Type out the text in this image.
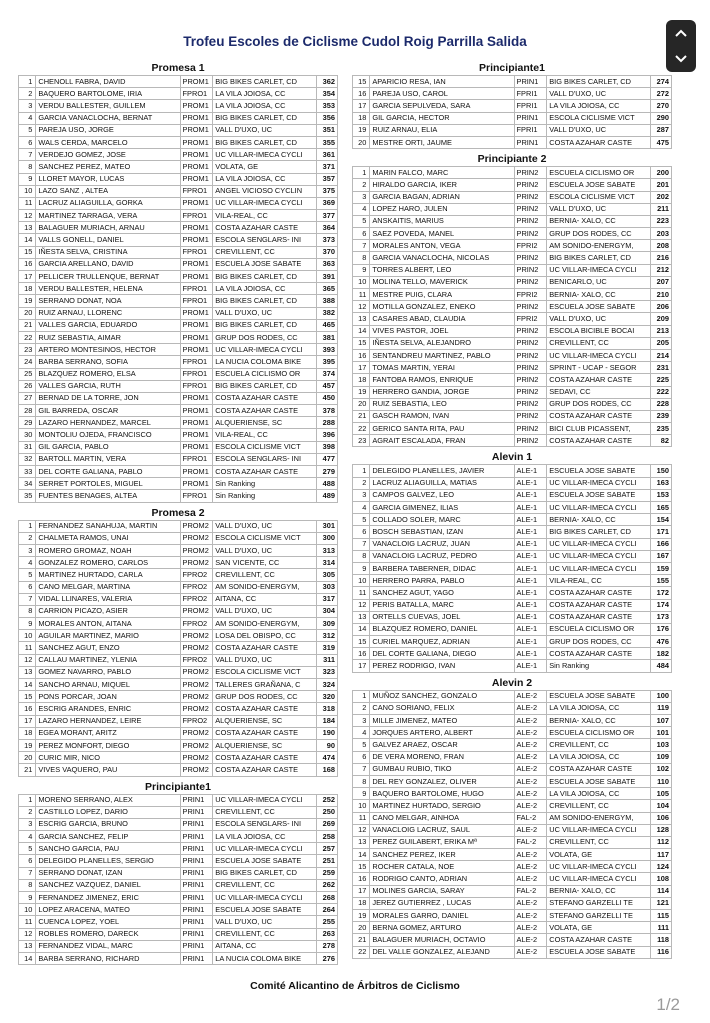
Trofeu Escoles de Ciclisme Cudol Roig Parrilla Salida
Promesa 1
1	CHENOLL FABRA, DAVID	PROM1	BIG BIKES CARLET, CD	362
2	BAQUERO BARTOLOME, IRIA	FPRO1	LA VILA JOIOSA, CC	354
3	VERDU BALLESTER, GUILLEM	PROM1	LA VILA JOIOSA, CC	353
4	GARCIA VANACLOCHA, BERNAT	PROM1	BIG BIKES CARLET, CD	356
5	PAREJA USO, JORGE	PROM1	VALL D'UXO, UC	351
6	WALS CERDA, MARCELO	PROM1	BIG BIKES CARLET, CD	355
7	VERDEJO GOMEZ, JOSE	PROM1	UC VILLAR-IMECA CYCLI	361
8	SANCHEZ PEREZ, MATEO	PROM1	VOLATA, GE	371
9	LLORET MAYOR, LUCAS	PROM1	LA VILA JOIOSA, CC	357
10	LAZO SANZ , ALTEA	FPRO1	ANGEL VICIOSO CYCLIN	375
11	LACRUZ ALIAGUILLA, GORKA	PROM1	UC VILLAR-IMECA CYCLI	369
12	MARTINEZ TARRAGA, VERA	FPRO1	VILA-REAL, CC	377
13	BALAGUER MURIACH, ARNAU	PROM1	COSTA AZAHAR CASTE	364
14	VALLS GONELL, DANIEL	PROM1	ESCOLA SENGLARS- INI	373
15	IÑESTA SELVA, CRISTINA	FPRO1	CREVILLENT, CC	370
16	GARCIA ARELLANO, DAVID	PROM1	ESCUELA JOSE SABATE	363
17	PELLICER TRULLENQUE, BERNAT	PROM1	BIG BIKES CARLET, CD	391
18	VERDU BALLESTER, HELENA	FPRO1	LA VILA JOIOSA, CC	365
19	SERRANO DONAT, NOA	FPRO1	BIG BIKES CARLET, CD	388
20	RUIZ ARNAU, LLORENC	PROM1	VALL D'UXO, UC	382
21	VALLES GARCIA, EDUARDO	PROM1	BIG BIKES CARLET, CD	465
22	RUIZ SEBASTIA, AIMAR	PROM1	GRUP DOS RODES, CC	381
23	ARTERO MONTESINOS, HECTOR	PROM1	UC VILLAR-IMECA CYCLI	393
24	BARBA SERRANO, SOFIA	FPRO1	LA NUCIA COLOMA BIKE	395
25	BLAZQUEZ ROMERO, ELSA	FPRO1	ESCUELA CICLISMO OR	374
26	VALLES GARCIA, RUTH	FPRO1	BIG BIKES CARLET, CD	457
27	BERNAD DE LA TORRE, JON	PROM1	COSTA AZAHAR CASTE	450
28	GIL BARREDA, OSCAR	PROM1	COSTA AZAHAR CASTE	378
29	LAZARO HERNANDEZ, MARCEL	PROM1	ALQUERIENSE, SC	288
30	MONTOLIU OJEDA, FRANCISCO	PROM1	VILA-REAL, CC	396
31	GIL GARCIA, PABLO	PROM1	ESCOLA CICLISME VICT	398
32	BARTOLL MARTIN, VERA	FPRO1	ESCOLA SENGLARS- INI	477
33	DEL CORTE GALIANA, PABLO	PROM1	COSTA AZAHAR CASTE	279
34	SERRET PORTOLES, MIGUEL	PROM1	Sin Ranking	488
35	FUENTES BENAGES, ALTEA	FPRO1	Sin Ranking	489
Promesa 2
1	FERNANDEZ SANAHUJA, MARTIN	PROM2	VALL D'UXO, UC	301
2	CHALMETA RAMOS, UNAI	PROM2	ESCOLA CICLISME VICT	300
3	ROMERO GROMAZ, NOAH	PROM2	VALL D'UXO, UC	313
4	GONZALEZ ROMERO, CARLOS	PROM2	SAN VICENTE, CC	314
5	MARTINEZ HURTADO, CARLA	FPRO2	CREVILLENT, CC	305
6	CANO MELGAR, MARTINA	FPRO2	AM SONIDO-ENERGYM,	303
7	VIDAL LLINARES, VALERIA	FPRO2	AITANA, CC	317
8	CARRION PICAZO, ASIER	PROM2	VALL D'UXO, UC	304
9	MORALES ANTON, AITANA	FPRO2	AM SONIDO-ENERGYM,	309
10	AGUILAR MARTINEZ, MARIO	PROM2	LOSA DEL OBISPO, CC	312
11	SANCHEZ AGUT, ENZO	PROM2	COSTA AZAHAR CASTE	319
12	CALLAU MARTINEZ, YLENIA	FPRO2	VALL D'UXO, UC	311
13	GOMEZ NAVARRO, PABLO	PROM2	ESCOLA CICLISME VICT	323
14	SANCHO ARNAU, MIQUEL	PROM2	TALLERES GRAÑANA, C	324
15	PONS PORCAR, JOAN	PROM2	GRUP DOS RODES, CC	320
16	ESCRIG ARANDES, ENRIC	PROM2	COSTA AZAHAR CASTE	318
17	LAZARO HERNANDEZ, LEIRE	FPRO2	ALQUERIENSE, SC	184
18	EGEA MORANT, ARITZ	PROM2	COSTA AZAHAR CASTE	190
19	PEREZ MONFORT, DIEGO	PROM2	ALQUERIENSE, SC	90
20	CURIC MIR, NICO	PROM2	COSTA AZAHAR CASTE	474
21	VIVES VAQUERO, PAU	PROM2	COSTA AZAHAR CASTE	168
Principiante1
1	MORENO SERRANO, ALEX	PRIN1	UC VILLAR-IMECA CYCLI	252
2	CASTILLO LOPEZ, DARIO	PRIN1	CREVILLENT, CC	250
3	ESCRIG GARCIA, BRUNO	PRIN1	ESCOLA SENGLARS- INI	269
4	GARCIA SANCHEZ, FELIP	PRIN1	LA VILA JOIOSA, CC	258
5	SANCHO GARCIA, PAU	PRIN1	UC VILLAR-IMECA CYCLI	257
6	DELEGIDO PLANELLES, SERGIO	PRIN1	ESCUELA JOSE SABATE	251
7	SERRANO DONAT, IZAN	PRIN1	BIG BIKES CARLET, CD	259
8	SANCHEZ VAZQUEZ, DANIEL	PRIN1	CREVILLENT, CC	262
9	FERNANDEZ JIMENEZ, ERIC	PRIN1	UC VILLAR-IMECA CYCLI	268
10	LOPEZ ARACENA, MATEO	PRIN1	ESCUELA JOSE SABATE	264
11	CUENCA LOPEZ, YOEL	PRIN1	VALL D'UXO, UC	255
12	ROBLES ROMERO, DARECK	PRIN1	CREVILLENT, CC	263
13	FERNANDEZ VIDAL, MARC	PRIN1	AITANA, CC	278
14	BARBA SERRANO, RICHARD	PRIN1	LA NUCIA COLOMA BIKE	276
Principiante1
15	APARICIO RESA, IAN	PRIN1	BIG BIKES CARLET, CD	274
16	PAREJA USO, CAROL	FPRI1	VALL D'UXO, UC	272
17	GARCIA SEPULVEDA, SARA	FPRI1	LA VILA JOIOSA, CC	270
18	GIL GARCIA, HECTOR	PRIN1	ESCOLA CICLISME VICT	290
19	RUIZ ARNAU, ELIA	FPRI1	VALL D'UXO, UC	287
20	MESTRE ORTI, JAUME	PRIN1	COSTA AZAHAR CASTE	475
Principiante 2
1	MARIN FALCO, MARC	PRIN2	ESCUELA CICLISMO OR	200
2	HIRALDO GARCIA, IKER	PRIN2	ESCUELA JOSE SABATE	201
3	GARCIA BAGAN, ADRIAN	PRIN2	ESCOLA CICLISME VICT	202
4	LOPEZ HARO, JULEN	PRIN2	VALL D'UXO, UC	211
5	ANSKAITIS, MARIUS	PRIN2	BERNIA- XALO, CC	223
6	SAEZ POVEDA, MANEL	PRIN2	GRUP DOS RODES, CC	203
7	MORALES ANTON, VEGA	FPRI2	AM SONIDO-ENERGYM,	208
8	GARCIA VANACLOCHA, NICOLAS	PRIN2	BIG BIKES CARLET, CD	216
9	TORRES ALBERT, LEO	PRIN2	UC VILLAR-IMECA CYCLI	212
10	MOLINA TELLO, MAVERICK	PRIN2	BENICARLO, UC	207
11	MESTRE PUIG, CLARA	FPRI2	BERNIA- XALO, CC	210
12	MOTILLA GONZALEZ, ENEKO	PRIN2	ESCUELA JOSE SABATE	206
13	CASARES ABAD, CLAUDIA	FPRI2	VALL D'UXO, UC	209
14	VIVES PASTOR, JOEL	PRIN2	ESCOLA BICIBLE BOCAI	213
15	IÑESTA SELVA, ALEJANDRO	PRIN2	CREVILLENT, CC	205
16	SENTANDREU MARTINEZ, PABLO	PRIN2	UC VILLAR-IMECA CYCLI	214
17	TOMAS MARTIN, YERAI	PRIN2	SPRINT - UCAP - SEGOR	231
18	FANTOBA RAMOS, ENRIQUE	PRIN2	COSTA AZAHAR CASTE	225
19	HERRERO GANDIA, JORGE	PRIN2	SEDAVI, CC	222
20	RUIZ SEBASTIA, LEO	PRIN2	GRUP DOS RODES, CC	228
21	GASCH RAMON, IVAN	PRIN2	COSTA AZAHAR CASTE	239
22	GERICO SANTA RITA, PAU	PRIN2	BICI CLUB PICASSENT,	235
23	AGRAIT ESCALADA, FRAN	PRIN2	COSTA AZAHAR CASTE	82
Alevin 1
1	DELEGIDO PLANELLES, JAVIER	ALE-1	ESCUELA JOSE SABATE	150
2	LACRUZ ALIAGUILLA, MATIAS	ALE-1	UC VILLAR-IMECA CYCLI	163
3	CAMPOS GALVEZ, LEO	ALE-1	ESCUELA JOSE SABATE	153
4	GARCIA GIMENEZ, ILIAS	ALE-1	UC VILLAR-IMECA CYCLI	165
5	COLLADO SOLER, MARC	ALE-1	BERNIA- XALO, CC	154
6	BOSCH SEBASTIAN, IZAN	ALE-1	BIG BIKES CARLET, CD	171
7	VANACLOIG LACRUZ, JUAN	ALE-1	UC VILLAR-IMECA CYCLI	166
8	VANACLOIG LACRUZ, PEDRO	ALE-1	UC VILLAR-IMECA CYCLI	167
9	BARBERA TABERNER, DIDAC	ALE-1	UC VILLAR-IMECA CYCLI	159
10	HERRERO PARRA, PABLO	ALE-1	VILA-REAL, CC	155
11	SANCHEZ AGUT, YAGO	ALE-1	COSTA AZAHAR CASTE	172
12	PERIS BATALLA, MARC	ALE-1	COSTA AZAHAR CASTE	174
13	ORTELLS CUEVAS, JOEL	ALE-1	COSTA AZAHAR CASTE	173
14	BLAZQUEZ ROMERO, DANIEL	ALE-1	ESCUELA CICLISMO OR	176
15	CURIEL MARQUEZ, ADRIAN	ALE-1	GRUP DOS RODES, CC	476
16	DEL CORTE GALIANA, DIEGO	ALE-1	COSTA AZAHAR CASTE	182
17	PEREZ RODRIGO, IVAN	ALE-1	Sin Ranking	484
Alevin 2
1	MUÑOZ SANCHEZ, GONZALO	ALE-2	ESCUELA JOSE SABATE	100
2	CANO SORIANO, FELIX	ALE-2	LA VILA JOIOSA, CC	119
3	MILLE JIMENEZ, MATEO	ALE-2	BERNIA- XALO, CC	107
4	JORQUES ARTERO, ALBERT	ALE-2	ESCUELA CICLISMO OR	101
5	GALVEZ ARAEZ, OSCAR	ALE-2	CREVILLENT, CC	103
6	DE VERA MORENO, FRAN	ALE-2	LA VILA JOIOSA, CC	109
7	GUMBAU RUBIO, TIKO	ALE-2	COSTA AZAHAR CASTE	102
8	DEL REY GONZALEZ, OLIVER	ALE-2	ESCUELA JOSE SABATE	110
9	BAQUERO BARTOLOME, HUGO	ALE-2	LA VILA JOIOSA, CC	105
10	MARTINEZ HURTADO, SERGIO	ALE-2	CREVILLENT, CC	104
11	CANO MELGAR, AINHOA	FAL-2	AM SONIDO-ENERGYM,	106
12	VANACLOIG LACRUZ, SAUL	ALE-2	UC VILLAR-IMECA CYCLI	128
13	PEREZ GUILABERT, ERIKA Mª	FAL-2	CREVILLENT, CC	112
14	SANCHEZ PEREZ, IKER	ALE-2	VOLATA, GE	117
15	ROCHER CATALA, NOE	ALE-2	UC VILLAR-IMECA CYCLI	124
16	RODRIGO CANTO, ADRIAN	ALE-2	UC VILLAR-IMECA CYCLI	108
17	MOLINES GARCIA, SARAY	FAL-2	BERNIA- XALO, CC	114
18	JEREZ GUTIERREZ , LUCAS	ALE-2	STEFANO GARZELLI TE	121
19	MORALES GARRO, DANIEL	ALE-2	STEFANO GARZELLI TE	115
20	BERNA GOMEZ, ARTURO	ALE-2	VOLATA, GE	111
21	BALAGUER MURIACH, OCTAVIO	ALE-2	COSTA AZAHAR CASTE	118
22	DEL VALLE GONZALEZ, ALEJAND	ALE-2	ESCUELA JOSE SABATE	116
Comité Alicantino de Árbitros de Ciclismo
1/2
